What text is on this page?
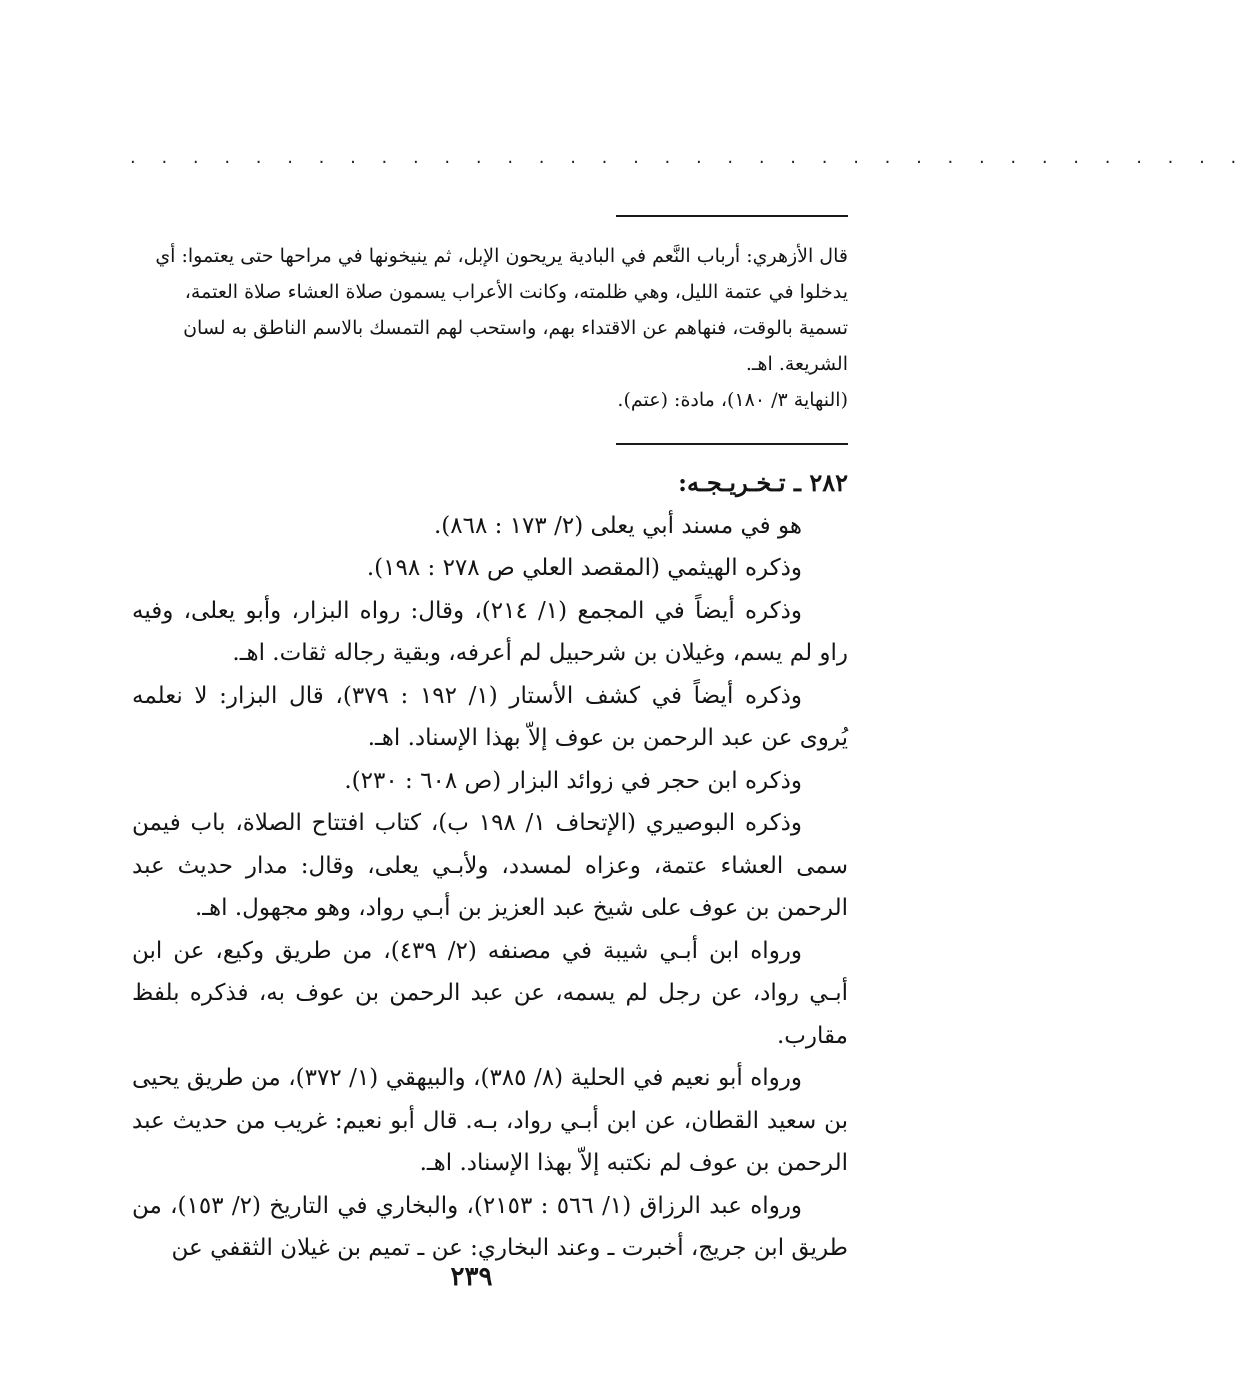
. . . . . . . . . . . . . . . . . . . . . . . . . . . . . . . . . . . .

قال الأزهري: أرباب النَّعم في البادية يريحون الإبل، ثم ينيخونها في مراحها حتى يعتموا: أي

يدخلوا في عتمة الليل، وهي ظلمته، وكانت الأعراب يسمون صلاة العشاء صلاة العتمة،

تسمية بالوقت، فنهاهم عن الاقتداء بهم، واستحب لهم التمسك بالاسم الناطق به لسان

الشريعة. اهـ.

(النهاية ٣/ ١٨٠)، مادة: (عتم).

٢٨٢ ـ تـخـريـجـه:

هو في مسند أبي يعلى (٢/ ١٧٣ : ٨٦٨).

وذكره الهيثمي (المقصد العلي ص ٢٧٨ : ١٩٨).

وذكره أيضاً في المجمع (١/ ٢١٤)، وقال: رواه البزار، وأبو يعلى، وفيه راو لم يسم، وغيلان بن شرحبيل لم أعرفه، وبقية رجاله ثقات. اهـ.

وذكره أيضاً في كشف الأستار (١/ ١٩٢ : ٣٧٩)، قال البزار: لا نعلمه يُروى عن عبد الرحمن بن عوف إلاّ بهذا الإسناد. اهـ.

وذكره ابن حجر في زوائد البزار (ص ٦٠٨ : ٢٣٠).

وذكره البوصيري (الإتحاف ١/ ١٩٨ ب)، كتاب افتتاح الصلاة، باب فيمن سمى العشاء عتمة، وعزاه لمسدد، ولأبـي يعلى، وقال: مدار حديث عبد الرحمن بن عوف على شيخ عبد العزيز بن أبـي رواد، وهو مجهول. اهـ.

ورواه ابن أبـي شيبة في مصنفه (٢/ ٤٣٩)، من طريق وكيع، عن ابن أبـي رواد، عن رجل لم يسمه، عن عبد الرحمن بن عوف به، فذكره بلفظ مقارب.

ورواه أبو نعيم في الحلية (٨/ ٣٨٥)، والبيهقي (١/ ٣٧٢)، من طريق يحيى بن سعيد القطان، عن ابن أبـي رواد، بـه. قال أبو نعيم: غريب من حديث عبد الرحمن بن عوف لم نكتبه إلاّ بهذا الإسناد. اهـ.

ورواه عبد الرزاق (١/ ٥٦٦ : ٢١٥٣)، والبخاري في التاريخ (٢/ ١٥٣)، من طريق ابن جريج، أخبرت ـ وعند البخاري: عن ـ تميم بن غيلان الثقفي عن

٢٣٩
